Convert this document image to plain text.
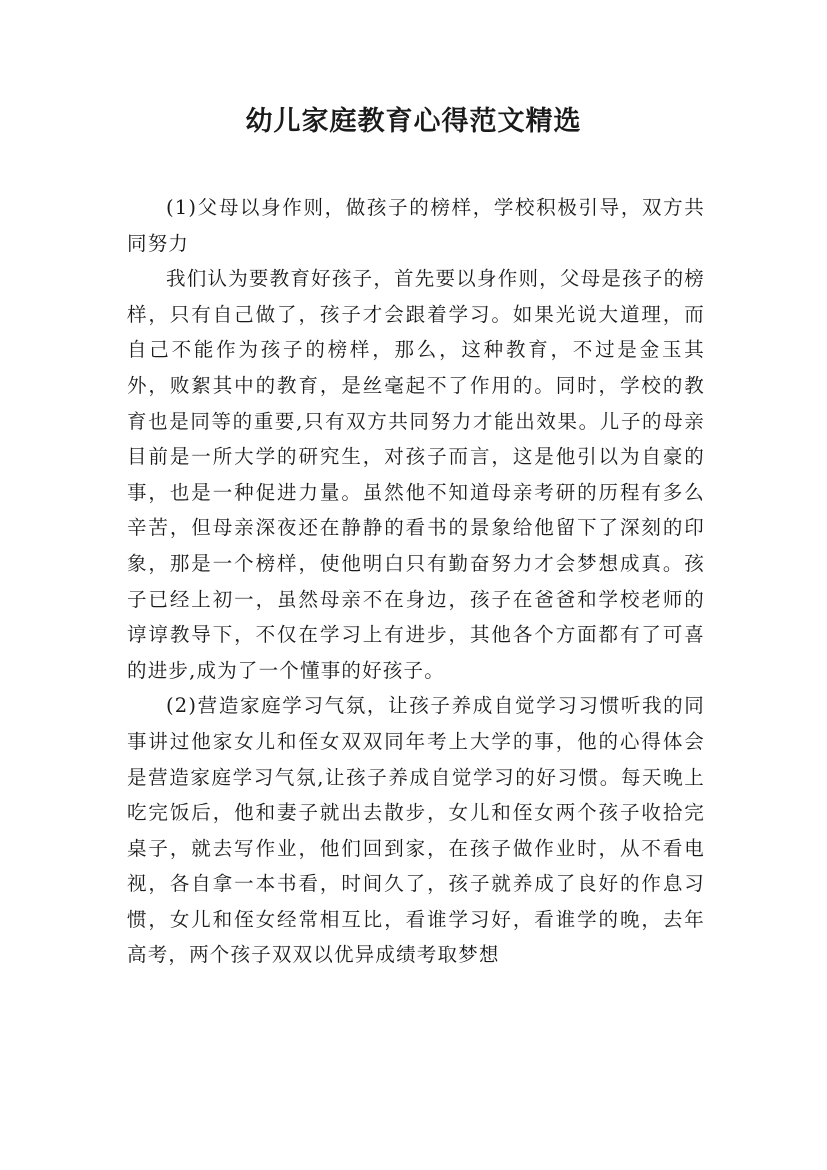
幼儿家庭教育心得范文精选

(1)父母以身作则，做孩子的榜样，学校积极引导，双方共同努力

我们认为要教育好孩子，首先要以身作则，父母是孩子的榜样，只有自己做了，孩子才会跟着学习。如果光说大道理，而自己不能作为孩子的榜样，那么，这种教育，不过是金玉其外，败絮其中的教育，是丝毫起不了作用的。同时，学校的教育也是同等的重要,只有双方共同努力才能出效果。儿子的母亲目前是一所大学的研究生，对孩子而言，这是他引以为自豪的事，也是一种促进力量。虽然他不知道母亲考研的历程有多么辛苦，但母亲深夜还在静静的看书的景象给他留下了深刻的印象，那是一个榜样，使他明白只有勤奋努力才会梦想成真。孩子已经上初一，虽然母亲不在身边，孩子在爸爸和学校老师的谆谆教导下，不仅在学习上有进步，其他各个方面都有了可喜的进步,成为了一个懂事的好孩子。

(2)营造家庭学习气氛，让孩子养成自觉学习习惯听我的同事讲过他家女儿和侄女双双同年考上大学的事，他的心得体会是营造家庭学习气氛,让孩子养成自觉学习的好习惯。每天晚上吃完饭后，他和妻子就出去散步，女儿和侄女两个孩子收拾完桌子，就去写作业，他们回到家，在孩子做作业时，从不看电视，各自拿一本书看，时间久了，孩子就养成了良好的作息习惯，女儿和侄女经常相互比，看谁学习好，看谁学的晚，去年高考，两个孩子双双以优异成绩考取梦想
